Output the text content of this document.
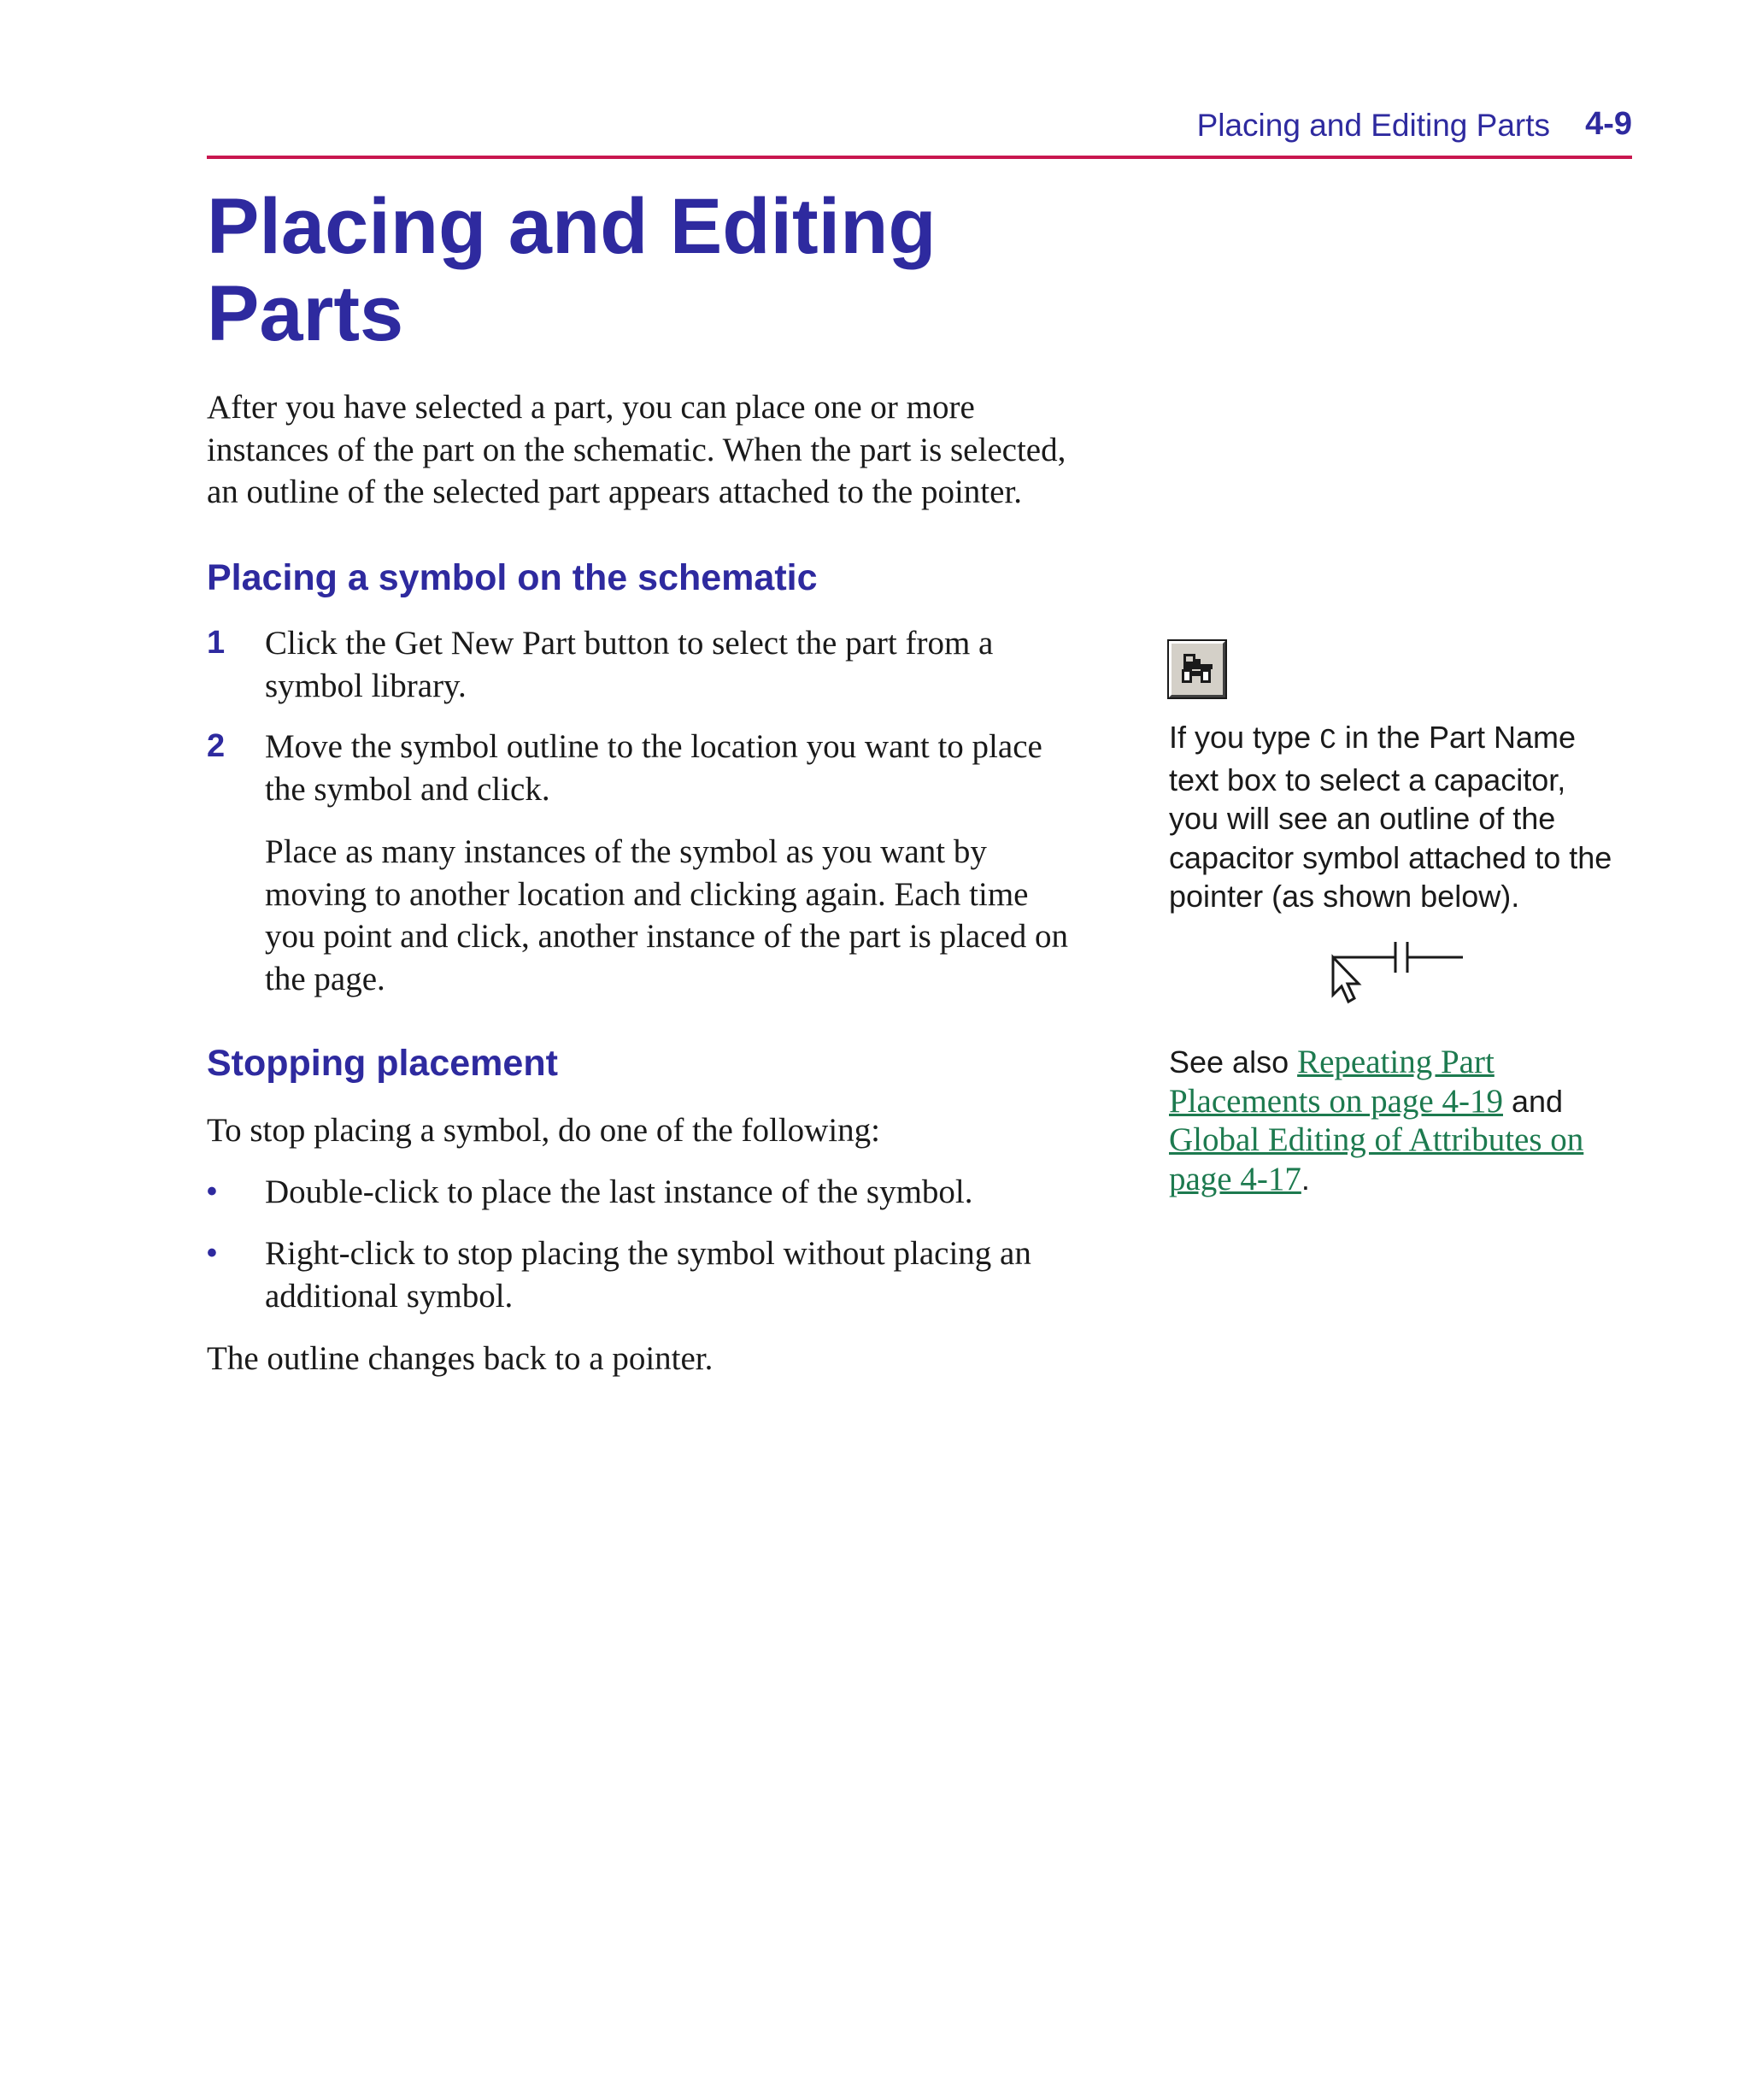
Placing and Editing Parts 4-9
Placing and Editing
Parts
After you have selected a part, you can place one or more
instances of the part on the schematic. When the part is selected,
an outline of the selected part appears attached to the pointer.
Placing a symbol on the schematic
1 Click the Get New Part button to select the part from a
symbol library.
2 Move the symbol outline to the location you want to place
the symbol and click.
Place as many instances of the symbol as you want by
moving to another location and clicking again. Each time
you point and click, another instance of the part is placed on
the page.
Stopping placement
To stop placing a symbol, do one of the following:
• Double-click to place the last instance of the symbol.
• Right-click to stop placing the symbol without placing an
additional symbol.
The outline changes back to a pointer.
If you type C in the Part Name
text box to select a capacitor,
you will see an outline of the
capacitor symbol attached to the
pointer (as shown below).
See also Repeating Part
Placements on page 4-19 and
Global Editing of Attributes on
page 4-17.
